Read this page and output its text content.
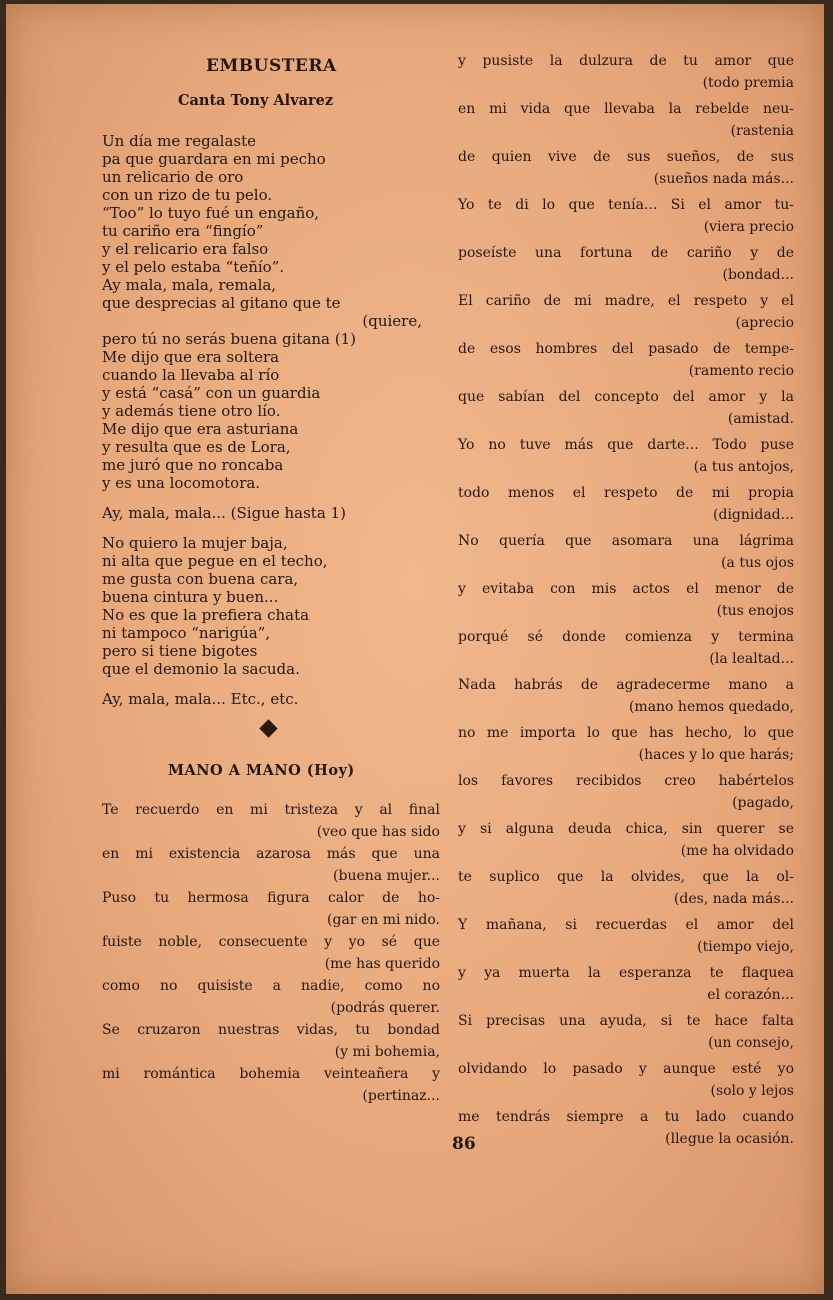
EMBUSTERA
Canta Tony Alvarez
Un día me regalaste
pa que guardara en mi pecho
un relicario de oro
con un rizo de tu pelo.
“Too” lo tuyo fué un engaño,
tu cariño era “fingío”
y el relicario era falso
y el pelo estaba “teñío”.
Ay mala, mala, remala,
que desprecias al gitano que te
(quiere,
pero tú no serás buena gitana (1)
Me dijo que era soltera
cuando la llevaba al río
y está “casá” con un guardia
y además tiene otro lío.
Me dijo que era asturiana
y resulta que es de Lora,
me juró que no roncaba
y es una locomotora.
Ay, mala, mala... (Sigue hasta 1)
No quiero la mujer baja,
ni alta que pegue en el techo,
me gusta con buena cara,
buena cintura y buen...
No es que la prefiera chata
ni tampoco “narigúa”,
pero si tiene bigotes
que el demonio la sacuda.
Ay, mala, mala... Etc., etc.
MANO A MANO (Hoy)
Te recuerdo en mi tristeza y al final
(veo que has sido
en mi existencia azarosa más que una
(buena mujer...
Puso tu hermosa figura calor de ho-
(gar en mi nido.
fuiste noble, consecuente y yo sé que
(me has querido
como no quisiste a nadie, como no
(podrás querer.
Se cruzaron nuestras vidas, tu bondad
(y mi bohemia,
mi romántica bohemia veinteañera y
(pertinaz...
y pusiste la dulzura de tu amor que
(todo premia
en mi vida que llevaba la rebelde neu-
(rastenia
de quien vive de sus sueños, de sus
(sueños nada más...
Yo te di lo que tenía... Si el amor tu-
(viera precio
poseíste una fortuna de cariño y de
(bondad...
El cariño de mi madre, el respeto y el
(aprecio
de esos hombres del pasado de tempe-
(ramento recio
que sabían del concepto del amor y la
(amistad.
Yo no tuve más que darte... Todo puse
(a tus antojos,
todo menos el respeto de mi propia
(dignidad...
No quería que asomara una lágrima
(a tus ojos
y evitaba con mis actos el menor de
(tus enojos
porqué sé donde comienza y termina
(la lealtad...
Nada habrás de agradecerme mano a
(mano hemos quedado,
no me importa lo que has hecho, lo que
(haces y lo que harás;
los favores recibidos creo habértelos
(pagado,
y si alguna deuda chica, sin querer se
(me ha olvidado
te suplico que la olvides, que la ol-
(des, nada más...
Y mañana, si recuerdas el amor del
(tiempo viejo,
y ya muerta la esperanza te flaquea
el corazón...
Si precisas una ayuda, si te hace falta
(un consejo,
olvidando lo pasado y aunque esté yo
(solo y lejos
me tendrás siempre a tu lado cuando
(llegue la ocasión.
86
